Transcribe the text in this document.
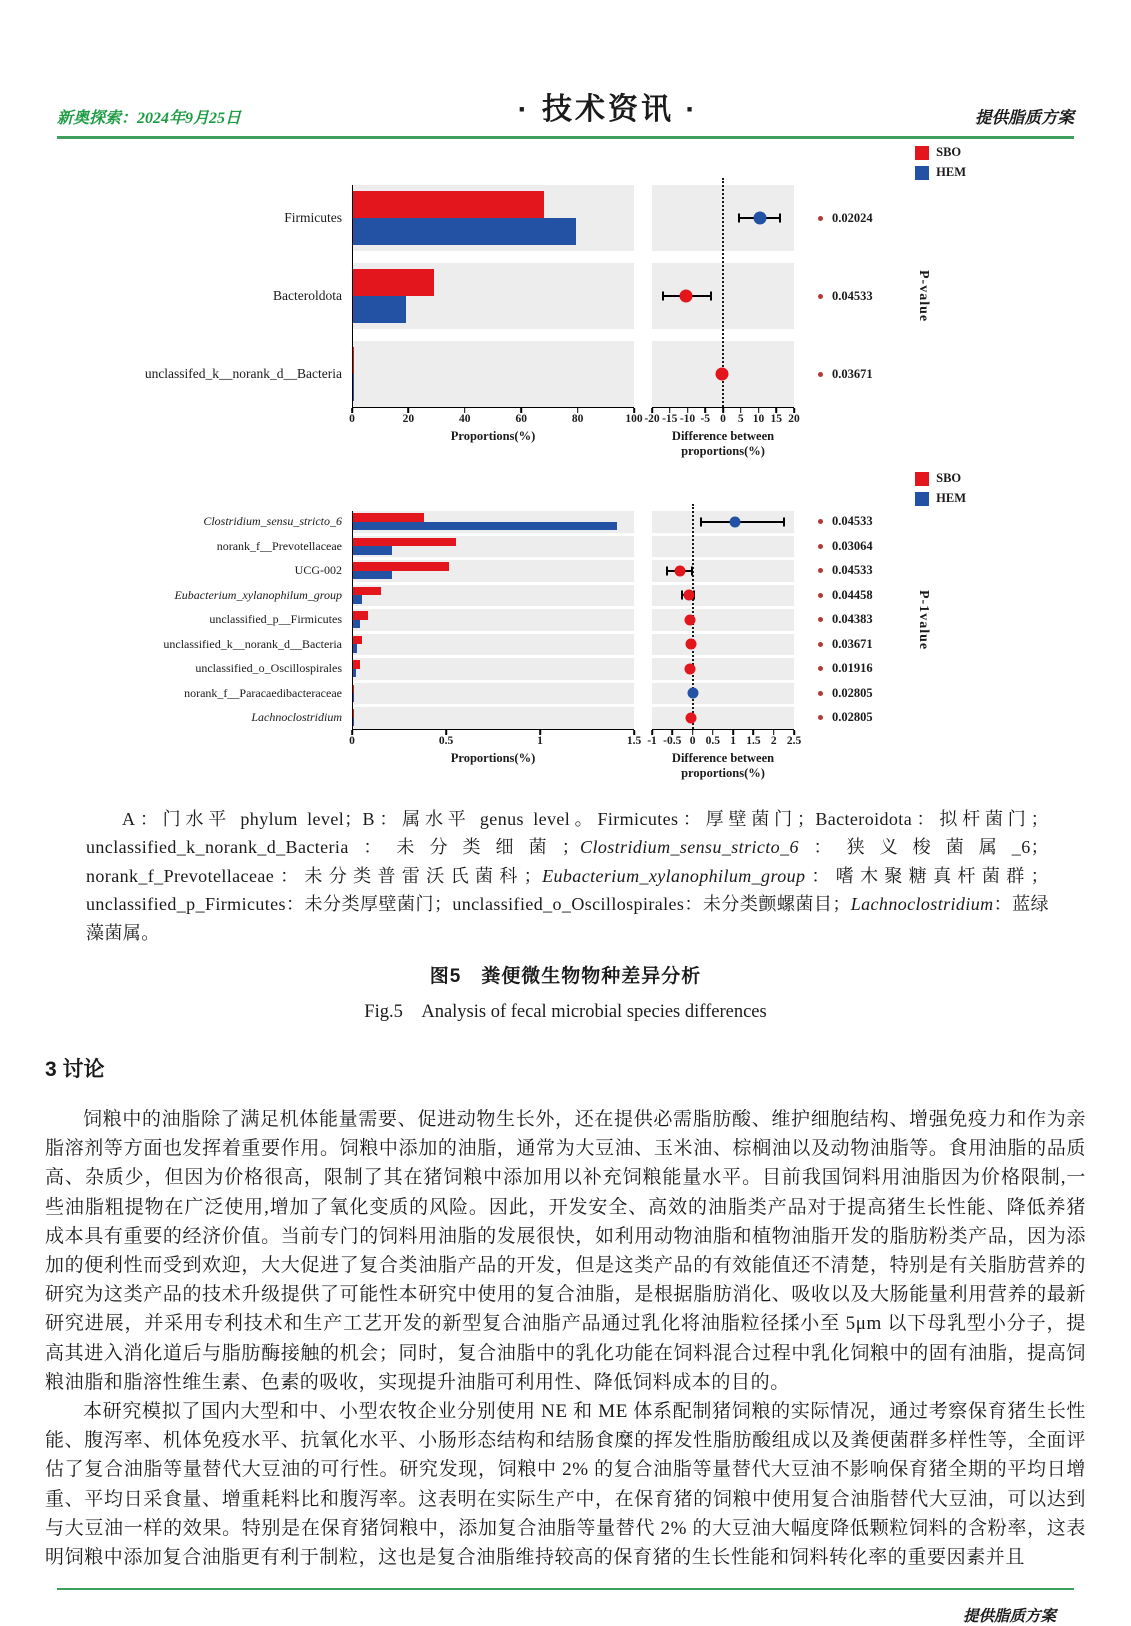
新奥探索：2024年9月25日	· 技术资讯 ·	提供脂质方案
SBO
HEM
Firmicutes
Bacteroldota
unclassifed_k__norank_d__Bacteria
0	20	40	60	80	100
Proportions(%)
-20 -15 -10 -5 0 5 10 15 20
Difference between proportions(%)
0.02024
0.04533
0.03671
P-value
SBO
HEM
Clostridium_sensu_stricto_6
norank_f__Prevotellaceae
UCG-002
Eubacterium_xylanophilum_group
unclassified_p__Firmicutes
unclassified_k__norank_d__Bacteria
unclassified_o_Oscillospirales
norank_f__Paracaedibacteraceae
Lachnoclostridium
0	0.5	1	1.5
Proportions(%)
-1 -0.5 0 0.5 1 1.5 2 2.5
Difference between proportions(%)
0.04533
0.03064
0.04533
0.04458
0.04383
0.03671
0.01916
0.02805
0.02805
P-1value
A：门水平 phylum level；B：属水平 genus level。Firmicutes：厚壁菌门；Bacteroidota：拟杆菌门；unclassified_k_norank_d_Bacteria：未分类细菌；Clostridium_sensu_stricto_6：狭义梭菌属_6；norank_f_Prevotellaceae：未分类普雷沃氏菌科；Eubacterium_xylanophilum_group：嗜木聚糖真杆菌群；unclassified_p_Firmicutes：未分类厚壁菌门；unclassified_o_Oscillospirales：未分类颤螺菌目；Lachnoclostridium：蓝绿藻菌属。
图5　粪便微生物物种差异分析
Fig.5　Analysis of fecal microbial species differences
3 讨论

饲粮中的油脂除了满足机体能量需要、促进动物生长外，还在提供必需脂肪酸、维护细胞结构、增强免疫力和作为亲脂溶剂等方面也发挥着重要作用。饲粮中添加的油脂，通常为大豆油、玉米油、棕榈油以及动物油脂等。食用油脂的品质高、杂质少，但因为价格很高，限制了其在猪饲粮中添加用以补充饲粮能量水平。目前我国饲料用油脂因为价格限制,一些油脂粗提物在广泛使用,增加了氧化变质的风险。因此，开发安全、高效的油脂类产品对于提高猪生长性能、降低养猪成本具有重要的经济价值。当前专门的饲料用油脂的发展很快，如利用动物油脂和植物油脂开发的脂肪粉类产品，因为添加的便利性而受到欢迎，大大促进了复合类油脂产品的开发，但是这类产品的有效能值还不清楚，特别是有关脂肪营养的研究为这类产品的技术升级提供了可能性本研究中使用的复合油脂，是根据脂肪消化、吸收以及大肠能量利用营养的最新研究进展，并采用专利技术和生产工艺开发的新型复合油脂产品通过乳化将油脂粒径揉小至 5μm 以下母乳型小分子，提高其进入消化道后与脂肪酶接触的机会；同时，复合油脂中的乳化功能在饲料混合过程中乳化饲粮中的固有油脂，提高饲粮油脂和脂溶性维生素、色素的吸收，实现提升油脂可利用性、降低饲料成本的目的。

本研究模拟了国内大型和中、小型农牧企业分别使用 NE 和 ME 体系配制猪饲粮的实际情况，通过考察保育猪生长性能、腹泻率、机体免疫水平、抗氧化水平、小肠形态结构和结肠食糜的挥发性脂肪酸组成以及粪便菌群多样性等，全面评估了复合油脂等量替代大豆油的可行性。研究发现，饲粮中 2% 的复合油脂等量替代大豆油不影响保育猪全期的平均日增重、平均日采食量、增重耗料比和腹泻率。这表明在实际生产中，在保育猪的饲粮中使用复合油脂替代大豆油，可以达到与大豆油一样的效果。特别是在保育猪饲粮中，添加复合油脂等量替代 2% 的大豆油大幅度降低颗粒饲料的含粉率，这表明饲粮中添加复合油脂更有利于制粒，这也是复合油脂维持较高的保育猪的生长性能和饲料转化率的重要因素并且

提供脂质方案
